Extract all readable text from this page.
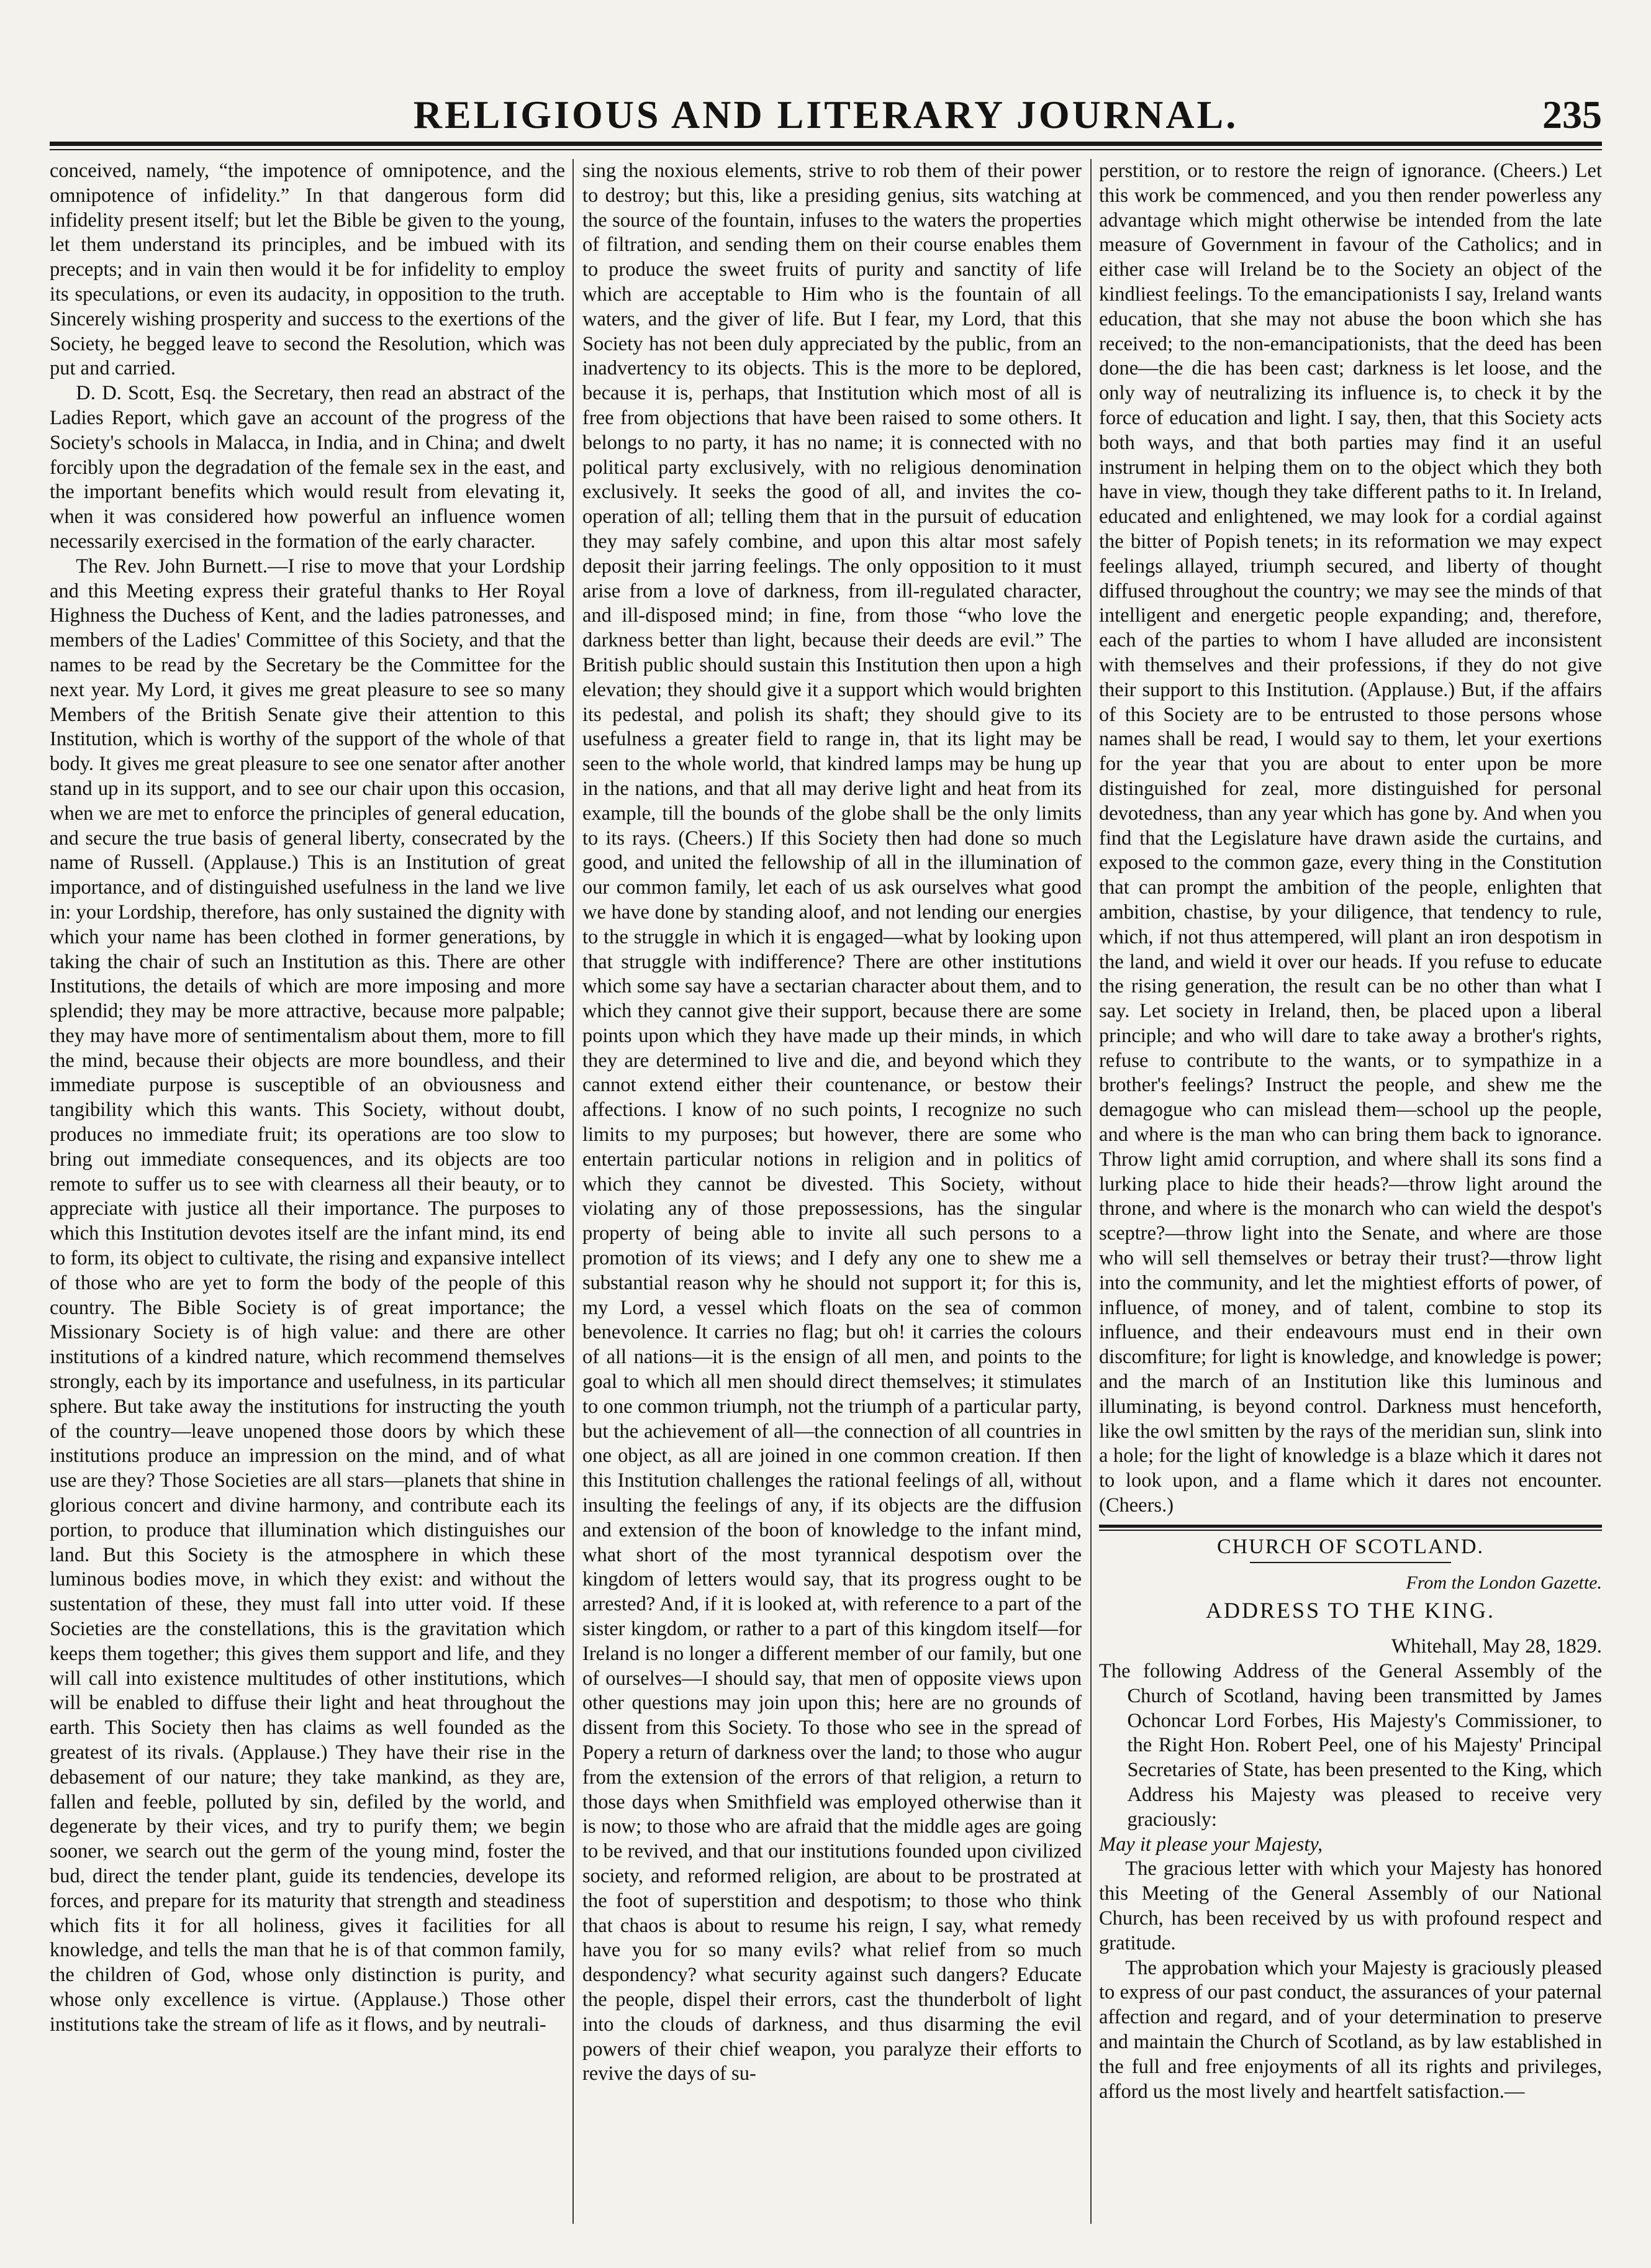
RELIGIOUS AND LITERARY JOURNAL.	235

conceived, namely, “the impotence of omnipotence, and the omnipotence of infidelity.” In that dangerous form did infidelity present itself; but let the Bible be given to the young, let them understand its principles, and be imbued with its precepts; and in vain then would it be for infidelity to employ its speculations, or even its audacity, in opposition to the truth. Sincerely wishing prosperity and success to the exertions of the Society, he begged leave to second the Resolution, which was put and carried.

D. D. Scott, Esq. the Secretary, then read an abstract of the Ladies Report, which gave an account of the progress of the Society's schools in Malacca, in India, and in China; and dwelt forcibly upon the degradation of the female sex in the east, and the important benefits which would result from elevating it, when it was considered how powerful an influence women necessarily exercised in the formation of the early character.

The Rev. John Burnett.—I rise to move that your Lordship and this Meeting express their grateful thanks to Her Royal Highness the Duchess of Kent, and the ladies patronesses, and members of the Ladies' Committee of this Society, and that the names to be read by the Secretary be the Committee for the next year. My Lord, it gives me great pleasure to see so many Members of the British Senate give their attention to this Institution, which is worthy of the support of the whole of that body. It gives me great pleasure to see one senator after another stand up in its support, and to see our chair upon this occasion, when we are met to enforce the principles of general education, and secure the true basis of general liberty, consecrated by the name of Russell. (Applause.) This is an Institution of great importance, and of distinguished usefulness in the land we live in: your Lordship, therefore, has only sustained the dignity with which your name has been clothed in former generations, by taking the chair of such an Institution as this. There are other Institutions, the details of which are more imposing and more splendid; they may be more attractive, because more palpable; they may have more of sentimentalism about them, more to fill the mind, because their objects are more boundless, and their immediate purpose is susceptible of an obviousness and tangibility which this wants. This Society, without doubt, produces no immediate fruit; its operations are too slow to bring out immediate consequences, and its objects are too remote to suffer us to see with clearness all their beauty, or to appreciate with justice all their importance. The purposes to which this Institution devotes itself are the infant mind, its end to form, its object to cultivate, the rising and expansive intellect of those who are yet to form the body of the people of this country. The Bible Society is of great importance; the Missionary Society is of high value: and there are other institutions of a kindred nature, which recommend themselves strongly, each by its importance and usefulness, in its particular sphere. But take away the institutions for instructing the youth of the country—leave unopened those doors by which these institutions produce an impression on the mind, and of what use are they? Those Societies are all stars—planets that shine in glorious concert and divine harmony, and contribute each its portion, to produce that illumination which distinguishes our land. But this Society is the atmosphere in which these luminous bodies move, in which they exist: and without the sustentation of these, they must fall into utter void. If these Societies are the constellations, this is the gravitation which keeps them together; this gives them support and life, and they will call into existence multitudes of other institutions, which will be enabled to diffuse their light and heat throughout the earth. This Society then has claims as well founded as the greatest of its rivals. (Applause.) They have their rise in the debasement of our nature; they take mankind, as they are, fallen and feeble, polluted by sin, defiled by the world, and degenerate by their vices, and try to purify them; we begin sooner, we search out the germ of the young mind, foster the bud, direct the tender plant, guide its tendencies, develope its forces, and prepare for its maturity that strength and steadiness which fits it for all holiness, gives it facilities for all knowledge, and tells the man that he is of that common family, the children of God, whose only distinction is purity, and whose only excellence is virtue. (Applause.) Those other institutions take the stream of life as it flows, and by neutrali-

sing the noxious elements, strive to rob them of their power to destroy; but this, like a presiding genius, sits watching at the source of the fountain, infuses to the waters the properties of filtration, and sending them on their course enables them to produce the sweet fruits of purity and sanctity of life which are acceptable to Him who is the fountain of all waters, and the giver of life. But I fear, my Lord, that this Society has not been duly appreciated by the public, from an inadvertency to its objects. This is the more to be deplored, because it is, perhaps, that Institution which most of all is free from objections that have been raised to some others. It belongs to no party, it has no name; it is connected with no political party exclusively, with no religious denomination exclusively. It seeks the good of all, and invites the co-operation of all; telling them that in the pursuit of education they may safely combine, and upon this altar most safely deposit their jarring feelings. The only opposition to it must arise from a love of darkness, from ill-regulated character, and ill-disposed mind; in fine, from those “who love the darkness better than light, because their deeds are evil.” The British public should sustain this Institution then upon a high elevation; they should give it a support which would brighten its pedestal, and polish its shaft; they should give to its usefulness a greater field to range in, that its light may be seen to the whole world, that kindred lamps may be hung up in the nations, and that all may derive light and heat from its example, till the bounds of the globe shall be the only limits to its rays. (Cheers.) If this Society then had done so much good, and united the fellowship of all in the illumination of our common family, let each of us ask ourselves what good we have done by standing aloof, and not lending our energies to the struggle in which it is engaged—what by looking upon that struggle with indifference? There are other institutions which some say have a sectarian character about them, and to which they cannot give their support, because there are some points upon which they have made up their minds, in which they are determined to live and die, and beyond which they cannot extend either their countenance, or bestow their affections. I know of no such points, I recognize no such limits to my purposes; but however, there are some who entertain particular notions in religion and in politics of which they cannot be divested. This Society, without violating any of those prepossessions, has the singular property of being able to invite all such persons to a promotion of its views; and I defy any one to shew me a substantial reason why he should not support it; for this is, my Lord, a vessel which floats on the sea of common benevolence. It carries no flag; but oh! it carries the colours of all nations—it is the ensign of all men, and points to the goal to which all men should direct themselves; it stimulates to one common triumph, not the triumph of a particular party, but the achievement of all—the connection of all countries in one object, as all are joined in one common creation. If then this Institution challenges the rational feelings of all, without insulting the feelings of any, if its objects are the diffusion and extension of the boon of knowledge to the infant mind, what short of the most tyrannical despotism over the kingdom of letters would say, that its progress ought to be arrested? And, if it is looked at, with reference to a part of the sister kingdom, or rather to a part of this kingdom itself—for Ireland is no longer a different member of our family, but one of ourselves—I should say, that men of opposite views upon other questions may join upon this; here are no grounds of dissent from this Society. To those who see in the spread of Popery a return of darkness over the land; to those who augur from the extension of the errors of that religion, a return to those days when Smithfield was employed otherwise than it is now; to those who are afraid that the middle ages are going to be revived, and that our institutions founded upon civilized society, and reformed religion, are about to be prostrated at the foot of superstition and despotism; to those who think that chaos is about to resume his reign, I say, what remedy have you for so many evils? what relief from so much despondency? what security against such dangers? Educate the people, dispel their errors, cast the thunderbolt of light into the clouds of darkness, and thus disarming the evil powers of their chief weapon, you paralyze their efforts to revive the days of su-

perstition, or to restore the reign of ignorance. (Cheers.) Let this work be commenced, and you then render powerless any advantage which might otherwise be intended from the late measure of Government in favour of the Catholics; and in either case will Ireland be to the Society an object of the kindliest feelings. To the emancipationists I say, Ireland wants education, that she may not abuse the boon which she has received; to the non-emancipationists, that the deed has been done—the die has been cast; darkness is let loose, and the only way of neutralizing its influence is, to check it by the force of education and light. I say, then, that this Society acts both ways, and that both parties may find it an useful instrument in helping them on to the object which they both have in view, though they take different paths to it. In Ireland, educated and enlightened, we may look for a cordial against the bitter of Popish tenets; in its reformation we may expect feelings allayed, triumph secured, and liberty of thought diffused throughout the country; we may see the minds of that intelligent and energetic people expanding; and, therefore, each of the parties to whom I have alluded are inconsistent with themselves and their professions, if they do not give their support to this Institution. (Applause.) But, if the affairs of this Society are to be entrusted to those persons whose names shall be read, I would say to them, let your exertions for the year that you are about to enter upon be more distinguished for zeal, more distinguished for personal devotedness, than any year which has gone by. And when you find that the Legislature have drawn aside the curtains, and exposed to the common gaze, every thing in the Constitution that can prompt the ambition of the people, enlighten that ambition, chastise, by your diligence, that tendency to rule, which, if not thus attempered, will plant an iron despotism in the land, and wield it over our heads. If you refuse to educate the rising generation, the result can be no other than what I say. Let society in Ireland, then, be placed upon a liberal principle; and who will dare to take away a brother's rights, refuse to contribute to the wants, or to sympathize in a brother's feelings? Instruct the people, and shew me the demagogue who can mislead them—school up the people, and where is the man who can bring them back to ignorance. Throw light amid corruption, and where shall its sons find a lurking place to hide their heads?—throw light around the throne, and where is the monarch who can wield the despot's sceptre?—throw light into the Senate, and where are those who will sell themselves or betray their trust?—throw light into the community, and let the mightiest efforts of power, of influence, of money, and of talent, combine to stop its influence, and their endeavours must end in their own discomfiture; for light is knowledge, and knowledge is power; and the march of an Institution like this luminous and illuminating, is beyond control. Darkness must henceforth, like the owl smitten by the rays of the meridian sun, slink into a hole; for the light of knowledge is a blaze which it dares not to look upon, and a flame which it dares not encounter. (Cheers.)

CHURCH OF SCOTLAND.
From the London Gazette.
ADDRESS TO THE KING.

Whitehall, May 28, 1829.

The following Address of the General Assembly of the Church of Scotland, having been transmitted by James Ochoncar Lord Forbes, His Majesty's Commissioner, to the Right Hon. Robert Peel, one of his Majesty' Principal Secretaries of State, has been presented to the King, which Address his Majesty was pleased to receive very graciously:

May it please your Majesty,

The gracious letter with which your Majesty has honored this Meeting of the General Assembly of our National Church, has been received by us with profound respect and gratitude.

The approbation which your Majesty is graciously pleased to express of our past conduct, the assurances of your paternal affection and regard, and of your determination to preserve and maintain the Church of Scotland, as by law established in the full and free enjoyments of all its rights and privileges, afford us the most lively and heartfelt satisfaction.—
